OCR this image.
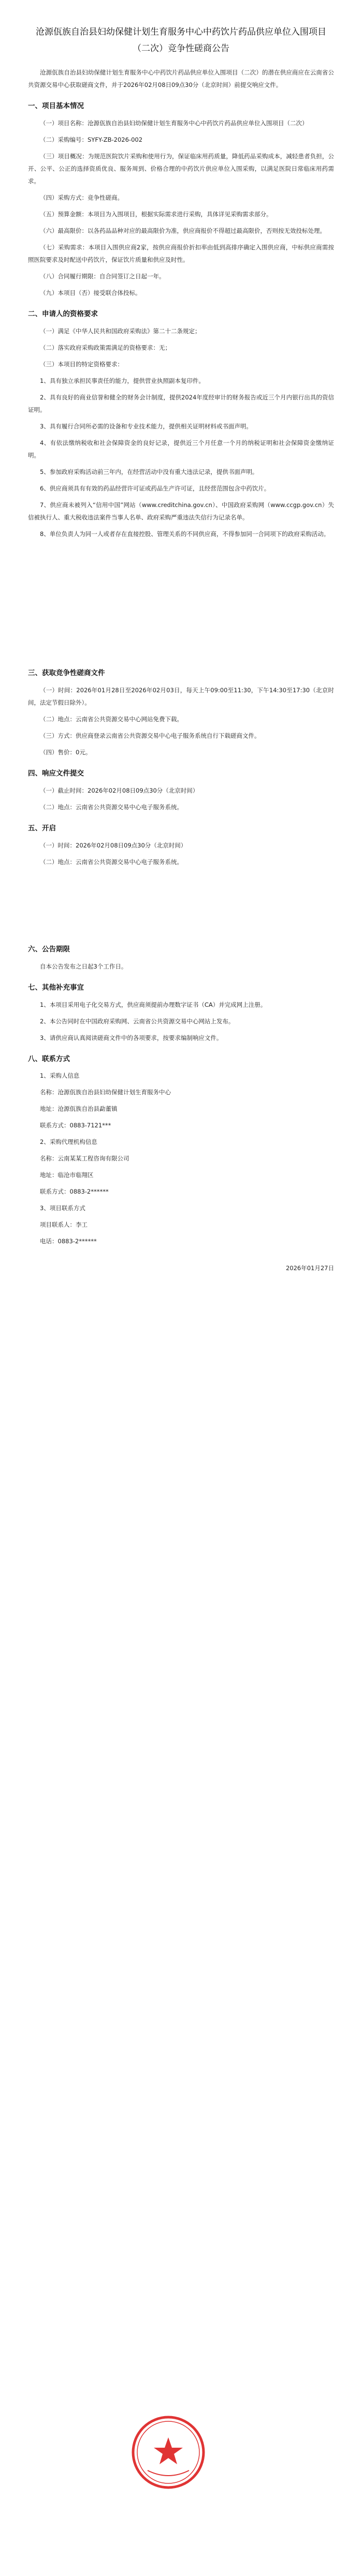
沧源佤族自治县妇幼保健计划生育服务中心中药饮片药品供应单位入围项目（二次）竞争性磋商公告
沧源佤族自治县妇幼保健计划生育服务中心中药饮片药品供应单位入围项目（二次）的潜在供应商应在云南省公共资源交易中心获取磋商文件，并于2026年02月08日09点30分（北京时间）前提交响应文件。
一、项目基本情况
（一）项目名称：沧源佤族自治县妇幼保健计划生育服务中心中药饮片药品供应单位入围项目（二次）
（二）采购编号：SYFY-ZB-2026-002
（三）项目概况：为规范医院饮片采购和使用行为，保证临床用药质量，降低药品采购成本，减轻患者负担，公开、公平、公正的选择资质优良、服务周到、价格合理的中药饮片供应单位入围采购，以满足医院日常临床用药需求。
（四）采购方式：竞争性磋商。
（五）预算金额：本项目为入围项目，根据实际需求进行采购，具体详见采购需求部分。
（六）最高限价：以各药品品种对应的最高限价为准，供应商报价不得超过最高限价，否则按无效投标处理。
（七）采购需求：本项目入围供应商2家，按供应商报价折扣率由低到高排序确定入围供应商，中标供应商需按照医院要求及时配送中药饮片，保证饮片质量和供应及时性。
（八）合同履行期限：自合同签订之日起一年。
（九）本项目（否）接受联合体投标。
二、申请人的资格要求
（一）满足《中华人民共和国政府采购法》第二十二条规定；
（二）落实政府采购政策需满足的资格要求：无；
（三）本项目的特定资格要求：
1、具有独立承担民事责任的能力，提供营业执照副本复印件。
2、具有良好的商业信誉和健全的财务会计制度，提供2024年度经审计的财务报告或近三个月内银行出具的资信证明。
3、具有履行合同所必需的设备和专业技术能力，提供相关证明材料或书面声明。
4、有依法缴纳税收和社会保障资金的良好记录，提供近三个月任意一个月的纳税证明和社会保障资金缴纳证明。
5、参加政府采购活动前三年内，在经营活动中没有重大违法记录，提供书面声明。
6、供应商须具有有效的药品经营许可证或药品生产许可证，且经营范围包含中药饮片。
7、供应商未被列入“信用中国”网站（www.creditchina.gov.cn）、中国政府采购网（www.ccgp.gov.cn）失信被执行人、重大税收违法案件当事人名单、政府采购严重违法失信行为记录名单。
8、单位负责人为同一人或者存在直接控股、管理关系的不同供应商，不得参加同一合同项下的政府采购活动。
三、获取竞争性磋商文件
（一）时间：2026年01月28日至2026年02月03日，每天上午09:00至11:30，下午14:30至17:30（北京时间，法定节假日除外）。
（二）地点：云南省公共资源交易中心网站免费下载。
（三）方式：供应商登录云南省公共资源交易中心电子服务系统自行下载磋商文件。
（四）售价：0元。
四、响应文件提交
（一）截止时间：2026年02月08日09点30分（北京时间）
（二）地点：云南省公共资源交易中心电子服务系统。
五、开启
（一）时间：2026年02月08日09点30分（北京时间）
（二）地点：云南省公共资源交易中心电子服务系统。
六、公告期限
自本公告发布之日起3个工作日。
七、其他补充事宜
1、本项目采用电子化交易方式，供应商须提前办理数字证书（CA）并完成网上注册。
2、本公告同时在中国政府采购网、云南省公共资源交易中心网站上发布。
3、请供应商认真阅读磋商文件中的各项要求，按要求编制响应文件。
八、联系方式
1、采购人信息
名称：沧源佤族自治县妇幼保健计划生育服务中心
地址：沧源佤族自治县勐董镇
联系方式：0883-7121***
2、采购代理机构信息
名称：云南某某工程咨询有限公司
地址：临沧市临翔区
联系方式：0883-2******
3、项目联系方式
项目联系人：李工
电话：0883-2******
2026年01月27日
